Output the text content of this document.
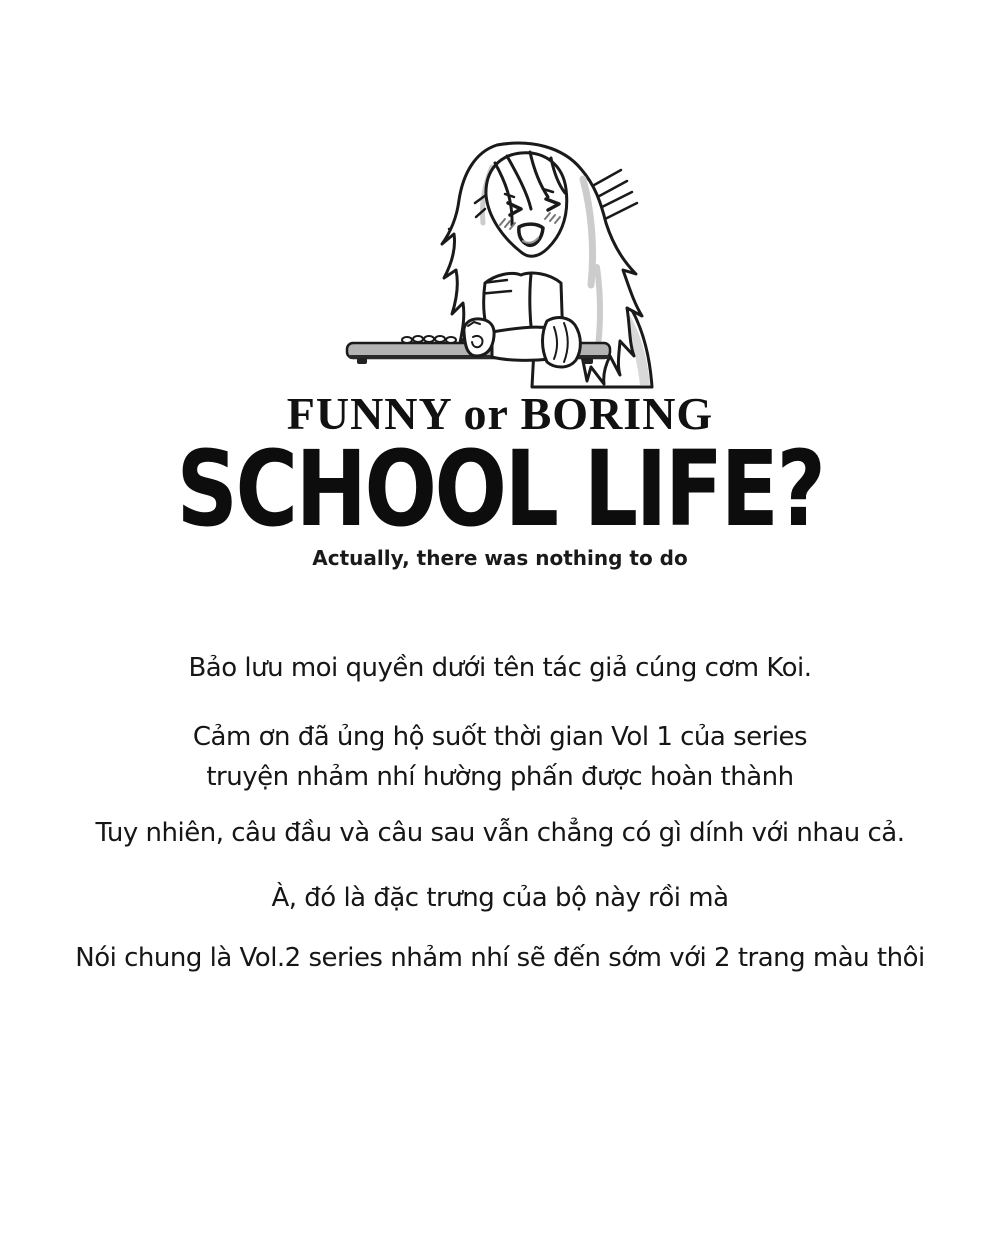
FUNNY or BORING
SCHOOL LIFE?
Actually, there was nothing to do
Bảo lưu moi quyền dưới tên tác giả cúng cơm Koi.
Cảm ơn đã ủng hộ suốt thời gian Vol 1 của series
truyện nhảm nhí hường phấn được hoàn thành
Tuy nhiên, câu đầu và câu sau vẫn chẳng có gì dính với nhau cả.
À, đó là đặc trưng của bộ này rồi mà
Nói chung là Vol.2 series nhảm nhí sẽ đến sớm với 2 trang màu thôi
